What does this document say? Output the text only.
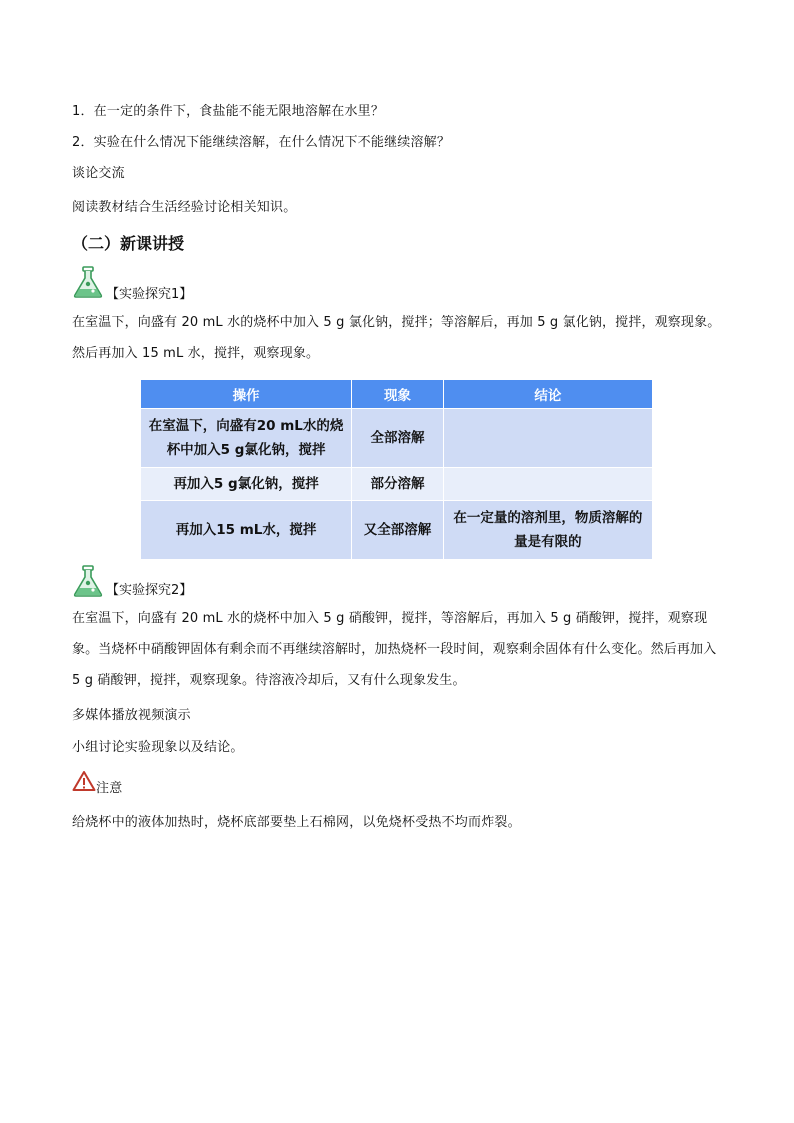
1．在一定的条件下，食盐能不能无限地溶解在水里？
2．实验在什么情况下能继续溶解，在什么情况下不能继续溶解？
谈论交流
阅读教材结合生活经验讨论相关知识。
（二）新课讲授
【实验探究1】
在室温下，向盛有 20 mL 水的烧杯中加入 5 g 氯化钠，搅拌；等溶解后，再加 5 g 氯化钠，搅拌，观察现象。然后再加入 15 mL 水，搅拌，观察现象。
操作	现象	结论
在室温下，向盛有20 mL水的烧杯中加入5 g氯化钠，搅拌	全部溶解	
再加入5 g氯化钠，搅拌	部分溶解	
再加入15 mL水，搅拌	又全部溶解	在一定量的溶剂里，物质溶解的量是有限的
【实验探究2】
在室温下，向盛有 20 mL 水的烧杯中加入 5 g 硝酸钾，搅拌，等溶解后，再加入 5 g 硝酸钾，搅拌，观察现象。当烧杯中硝酸钾固体有剩余而不再继续溶解时，加热烧杯一段时间，观察剩余固体有什么变化。然后再加入 5 g 硝酸钾，搅拌，观察现象。待溶液冷却后，又有什么现象发生。
多媒体播放视频演示
小组讨论实验现象以及结论。
注意
给烧杯中的液体加热时，烧杯底部要垫上石棉网，以免烧杯受热不均而炸裂。
